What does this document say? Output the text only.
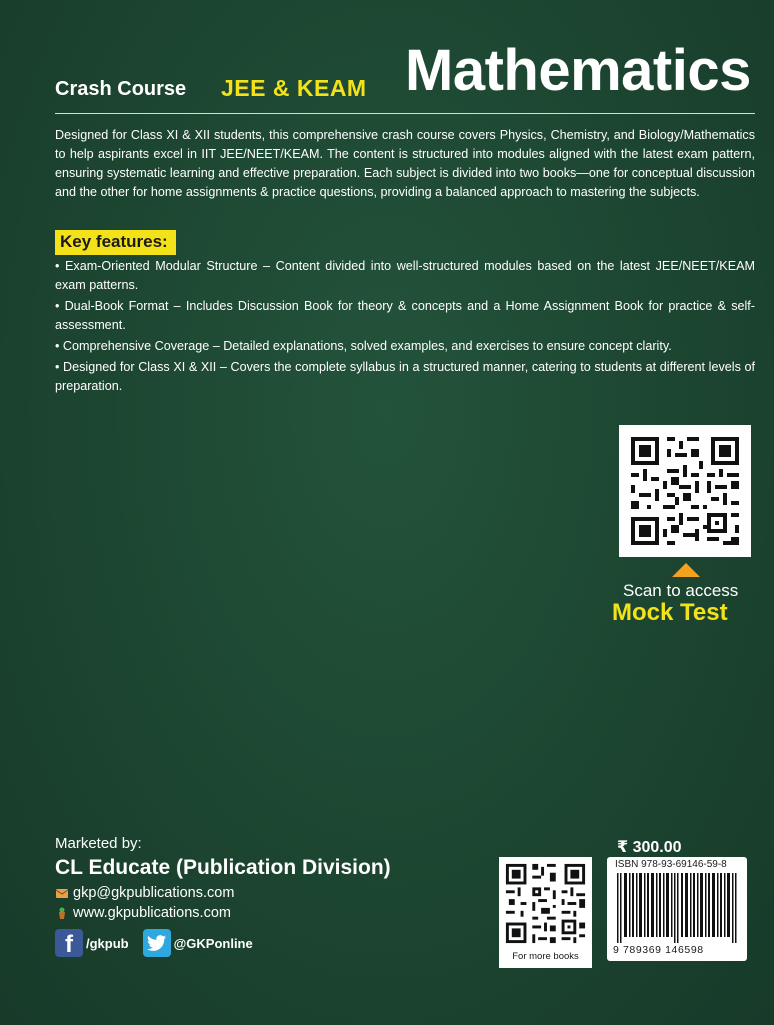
Crash Course JEE & KEAM Mathematics
Designed for Class XI & XII students, this comprehensive crash course covers Physics, Chemistry, and Biology/Mathematics to help aspirants excel in IIT JEE/NEET/KEAM. The content is structured into modules aligned with the latest exam pattern, ensuring systematic learning and effective preparation. Each subject is divided into two books—one for conceptual discussion and the other for home assignments & practice questions, providing a balanced approach to mastering the subjects.
Key features:

• Exam-Oriented Modular Structure – Content divided into well-structured modules based on the latest JEE/NEET/KEAM exam patterns.

• Dual-Book Format – Includes Discussion Book for theory & concepts and a Home Assignment Book for practice & self-assessment.

• Comprehensive Coverage – Detailed explanations, solved examples, and exercises to ensure concept clarity.

• Designed for Class XI & XII – Covers the complete syllabus in a structured manner, catering to students at different levels of preparation.

Scan to access
Mock Test
Marketed by:
CL Educate (Publication Division)
gkp@gkpublications.com
www.gkpublications.com
f	/gkpub	@GKPonline
For more books
₹ 300.00
ISBN 978-93-69146-59-8
9 789369 146598
